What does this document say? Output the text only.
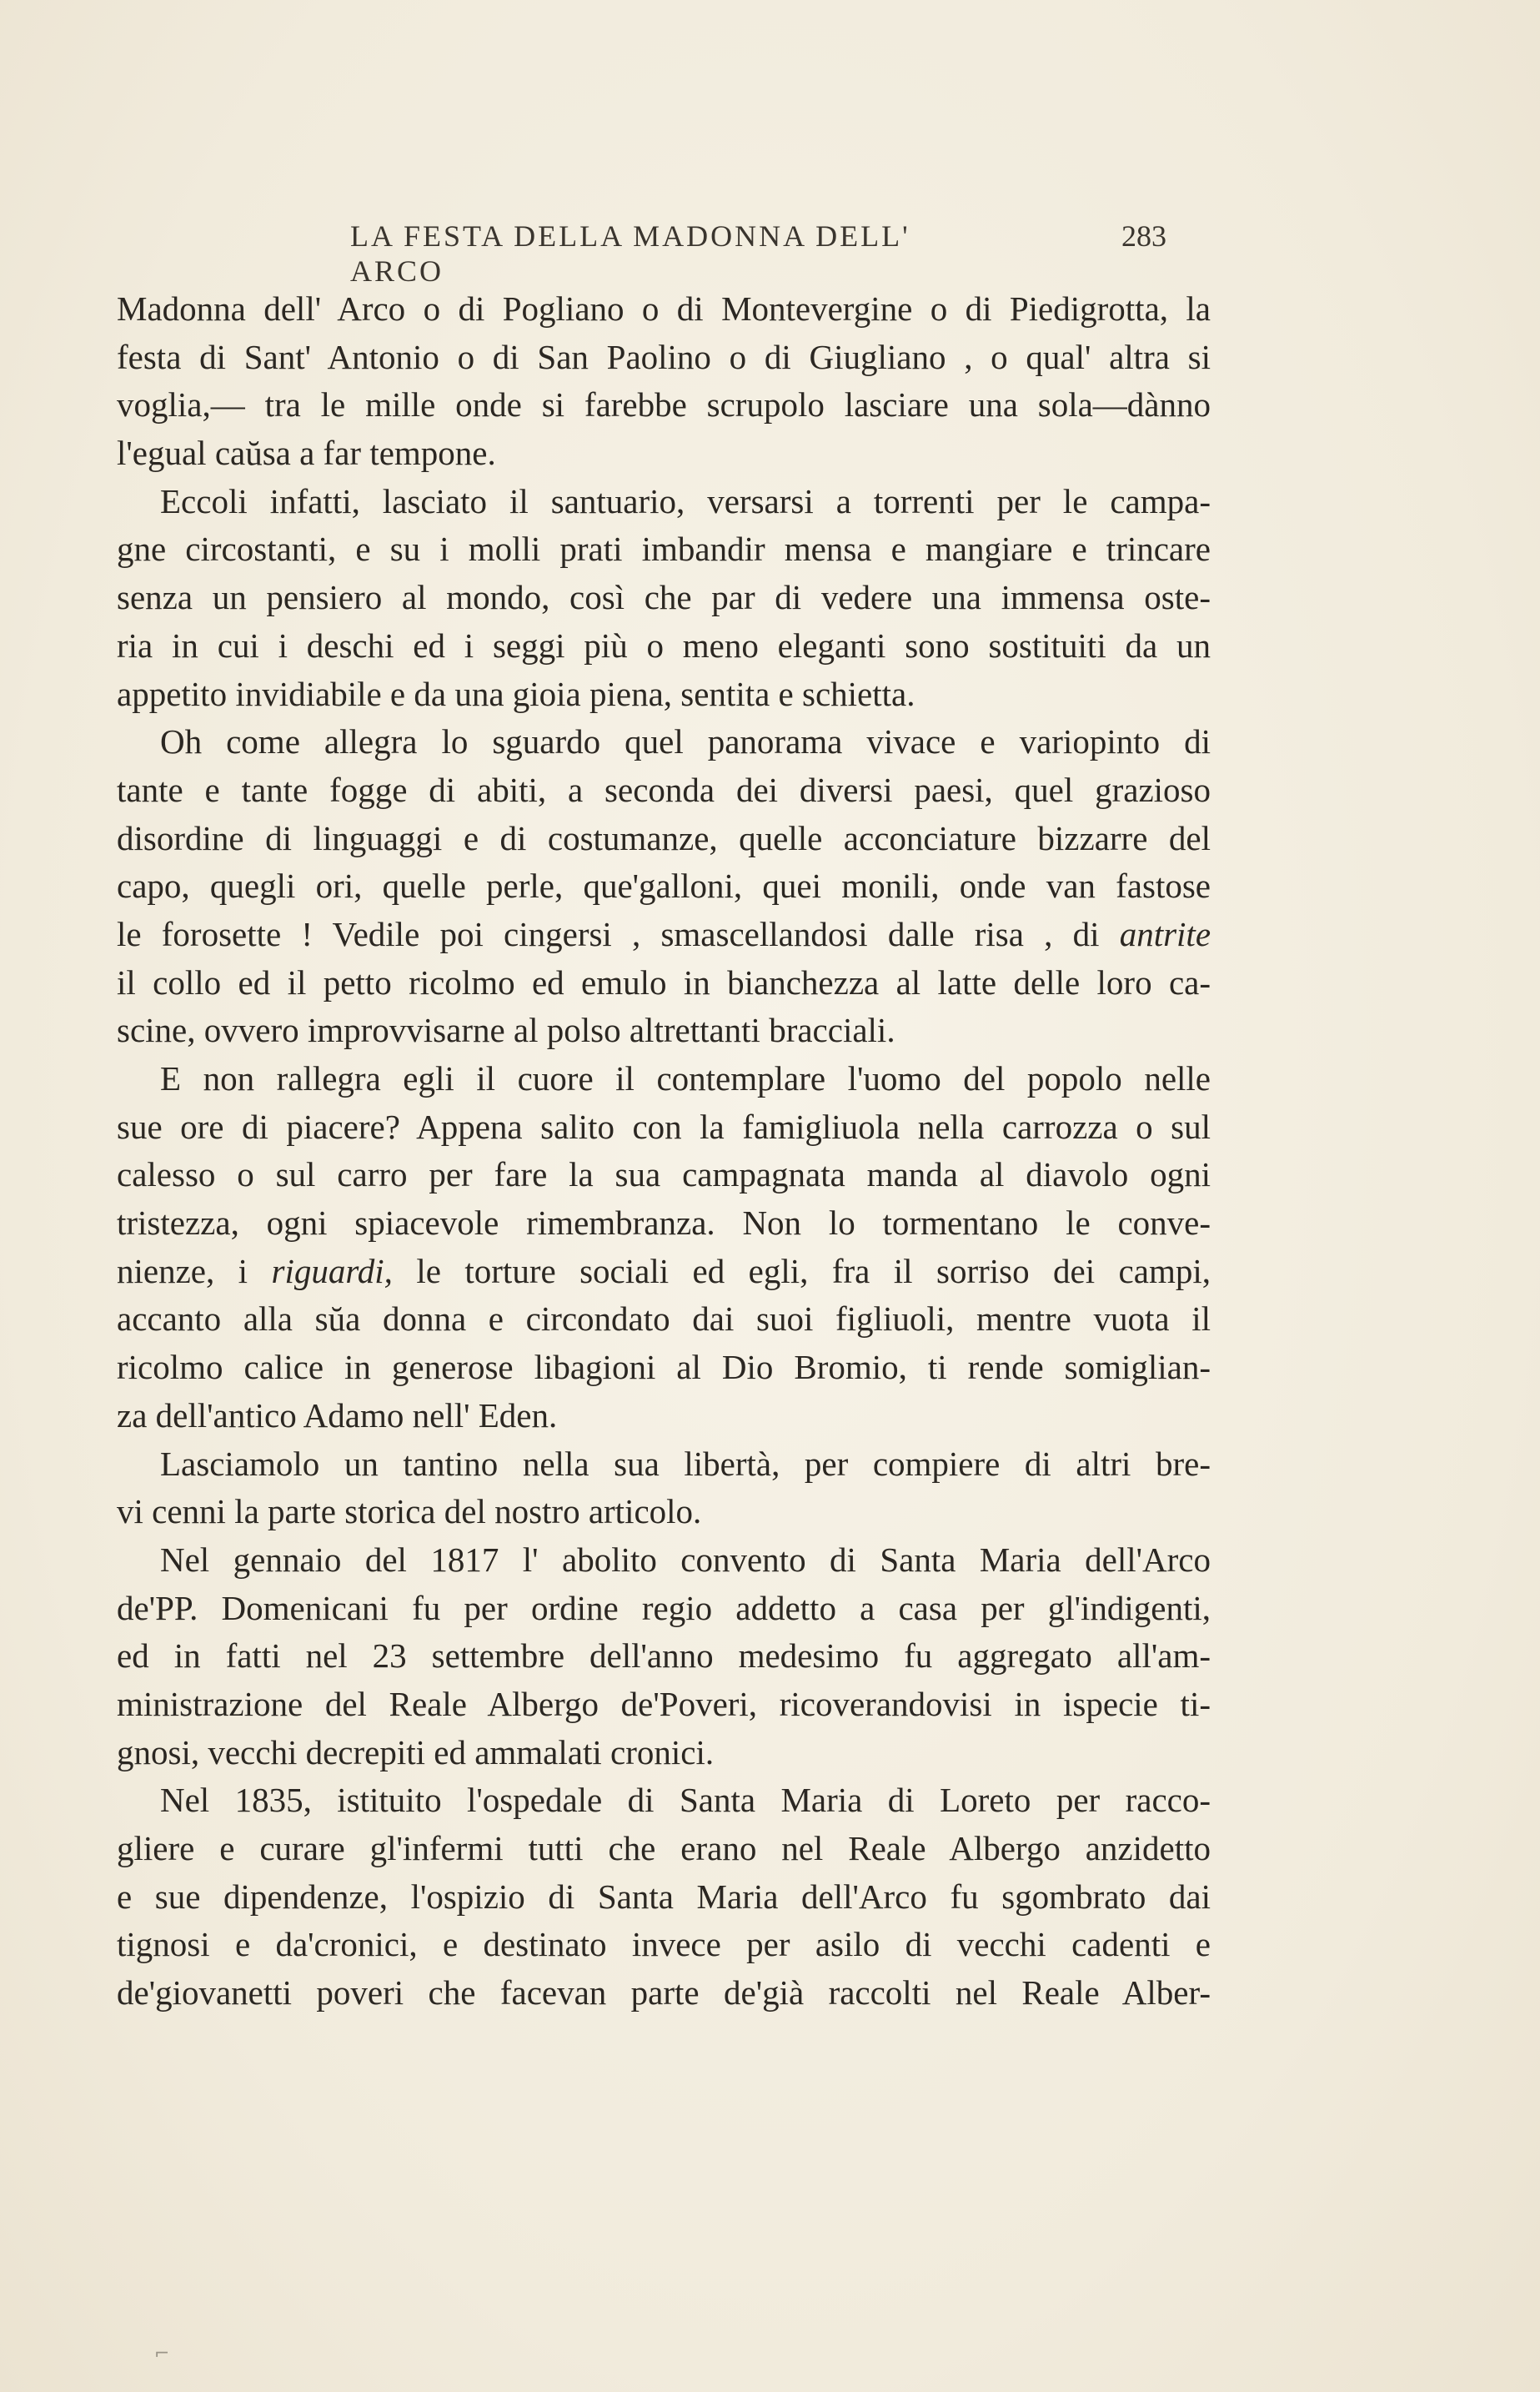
LA FESTA DELLA MADONNA DELL' ARCO
283
Madonna dell' Arco o di Pogliano o di Montevergine o di Piedigrotta, la
festa di Sant' Antonio o di San Paolino o di Giugliano , o qual' altra si
voglia,— tra le mille onde si farebbe scrupolo lasciare una sola—dànno
l'egual caŭsa a far tempone.
Eccoli infatti, lasciato il santuario, versarsi a torrenti per le campa-
gne circostanti, e su i molli prati imbandir mensa e mangiare e trincare
senza un pensiero al mondo, così che par di vedere una immensa oste-
ria in cui i deschi ed i seggi più o meno eleganti sono sostituiti da un
appetito invidiabile e da una gioia piena, sentita e schietta.
Oh come allegra lo sguardo quel panorama vivace e variopinto di
tante e tante fogge di abiti, a seconda dei diversi paesi, quel grazioso
disordine di linguaggi e di costumanze, quelle acconciature bizzarre del
capo, quegli ori, quelle perle, que'galloni, quei monili, onde van fastose
le forosette ! Vedile poi cingersi , smascellandosi dalle risa , di antrite
il collo ed il petto ricolmo ed emulo in bianchezza al latte delle loro ca-
scine, ovvero improvvisarne al polso altrettanti bracciali.
E non rallegra egli il cuore il contemplare l'uomo del popolo nelle
sue ore di piacere? Appena salito con la famigliuola nella carrozza o sul
calesso o sul carro per fare la sua campagnata manda al diavolo ogni
tristezza, ogni spiacevole rimembranza. Non lo tormentano le conve-
nienze, i riguardi, le torture sociali ed egli, fra il sorriso dei campi,
accanto alla sŭa donna e circondato dai suoi figliuoli, mentre vuota il
ricolmo calice in generose libagioni al Dio Bromio, ti rende somiglian-
za dell'antico Adamo nell' Eden.
Lasciamolo un tantino nella sua libertà, per compiere di altri bre-
vi cenni la parte storica del nostro articolo.
Nel gennaio del 1817 l' abolito convento di Santa Maria dell'Arco
de'PP. Domenicani fu per ordine regio addetto a casa per gl'indigenti,
ed in fatti nel 23 settembre dell'anno medesimo fu aggregato all'am-
ministrazione del Reale Albergo de'Poveri, ricoverandovisi in ispecie ti-
gnosi, vecchi decrepiti ed ammalati cronici.
Nel 1835, istituito l'ospedale di Santa Maria di Loreto per racco-
gliere e curare gl'infermi tutti che erano nel Reale Albergo anzidetto
e sue dipendenze, l'ospizio di Santa Maria dell'Arco fu sgombrato dai
tignosi e da'cronici, e destinato invece per asilo di vecchi cadenti e
de'giovanetti poveri che facevan parte de'già raccolti nel Reale Alber-
⌐
